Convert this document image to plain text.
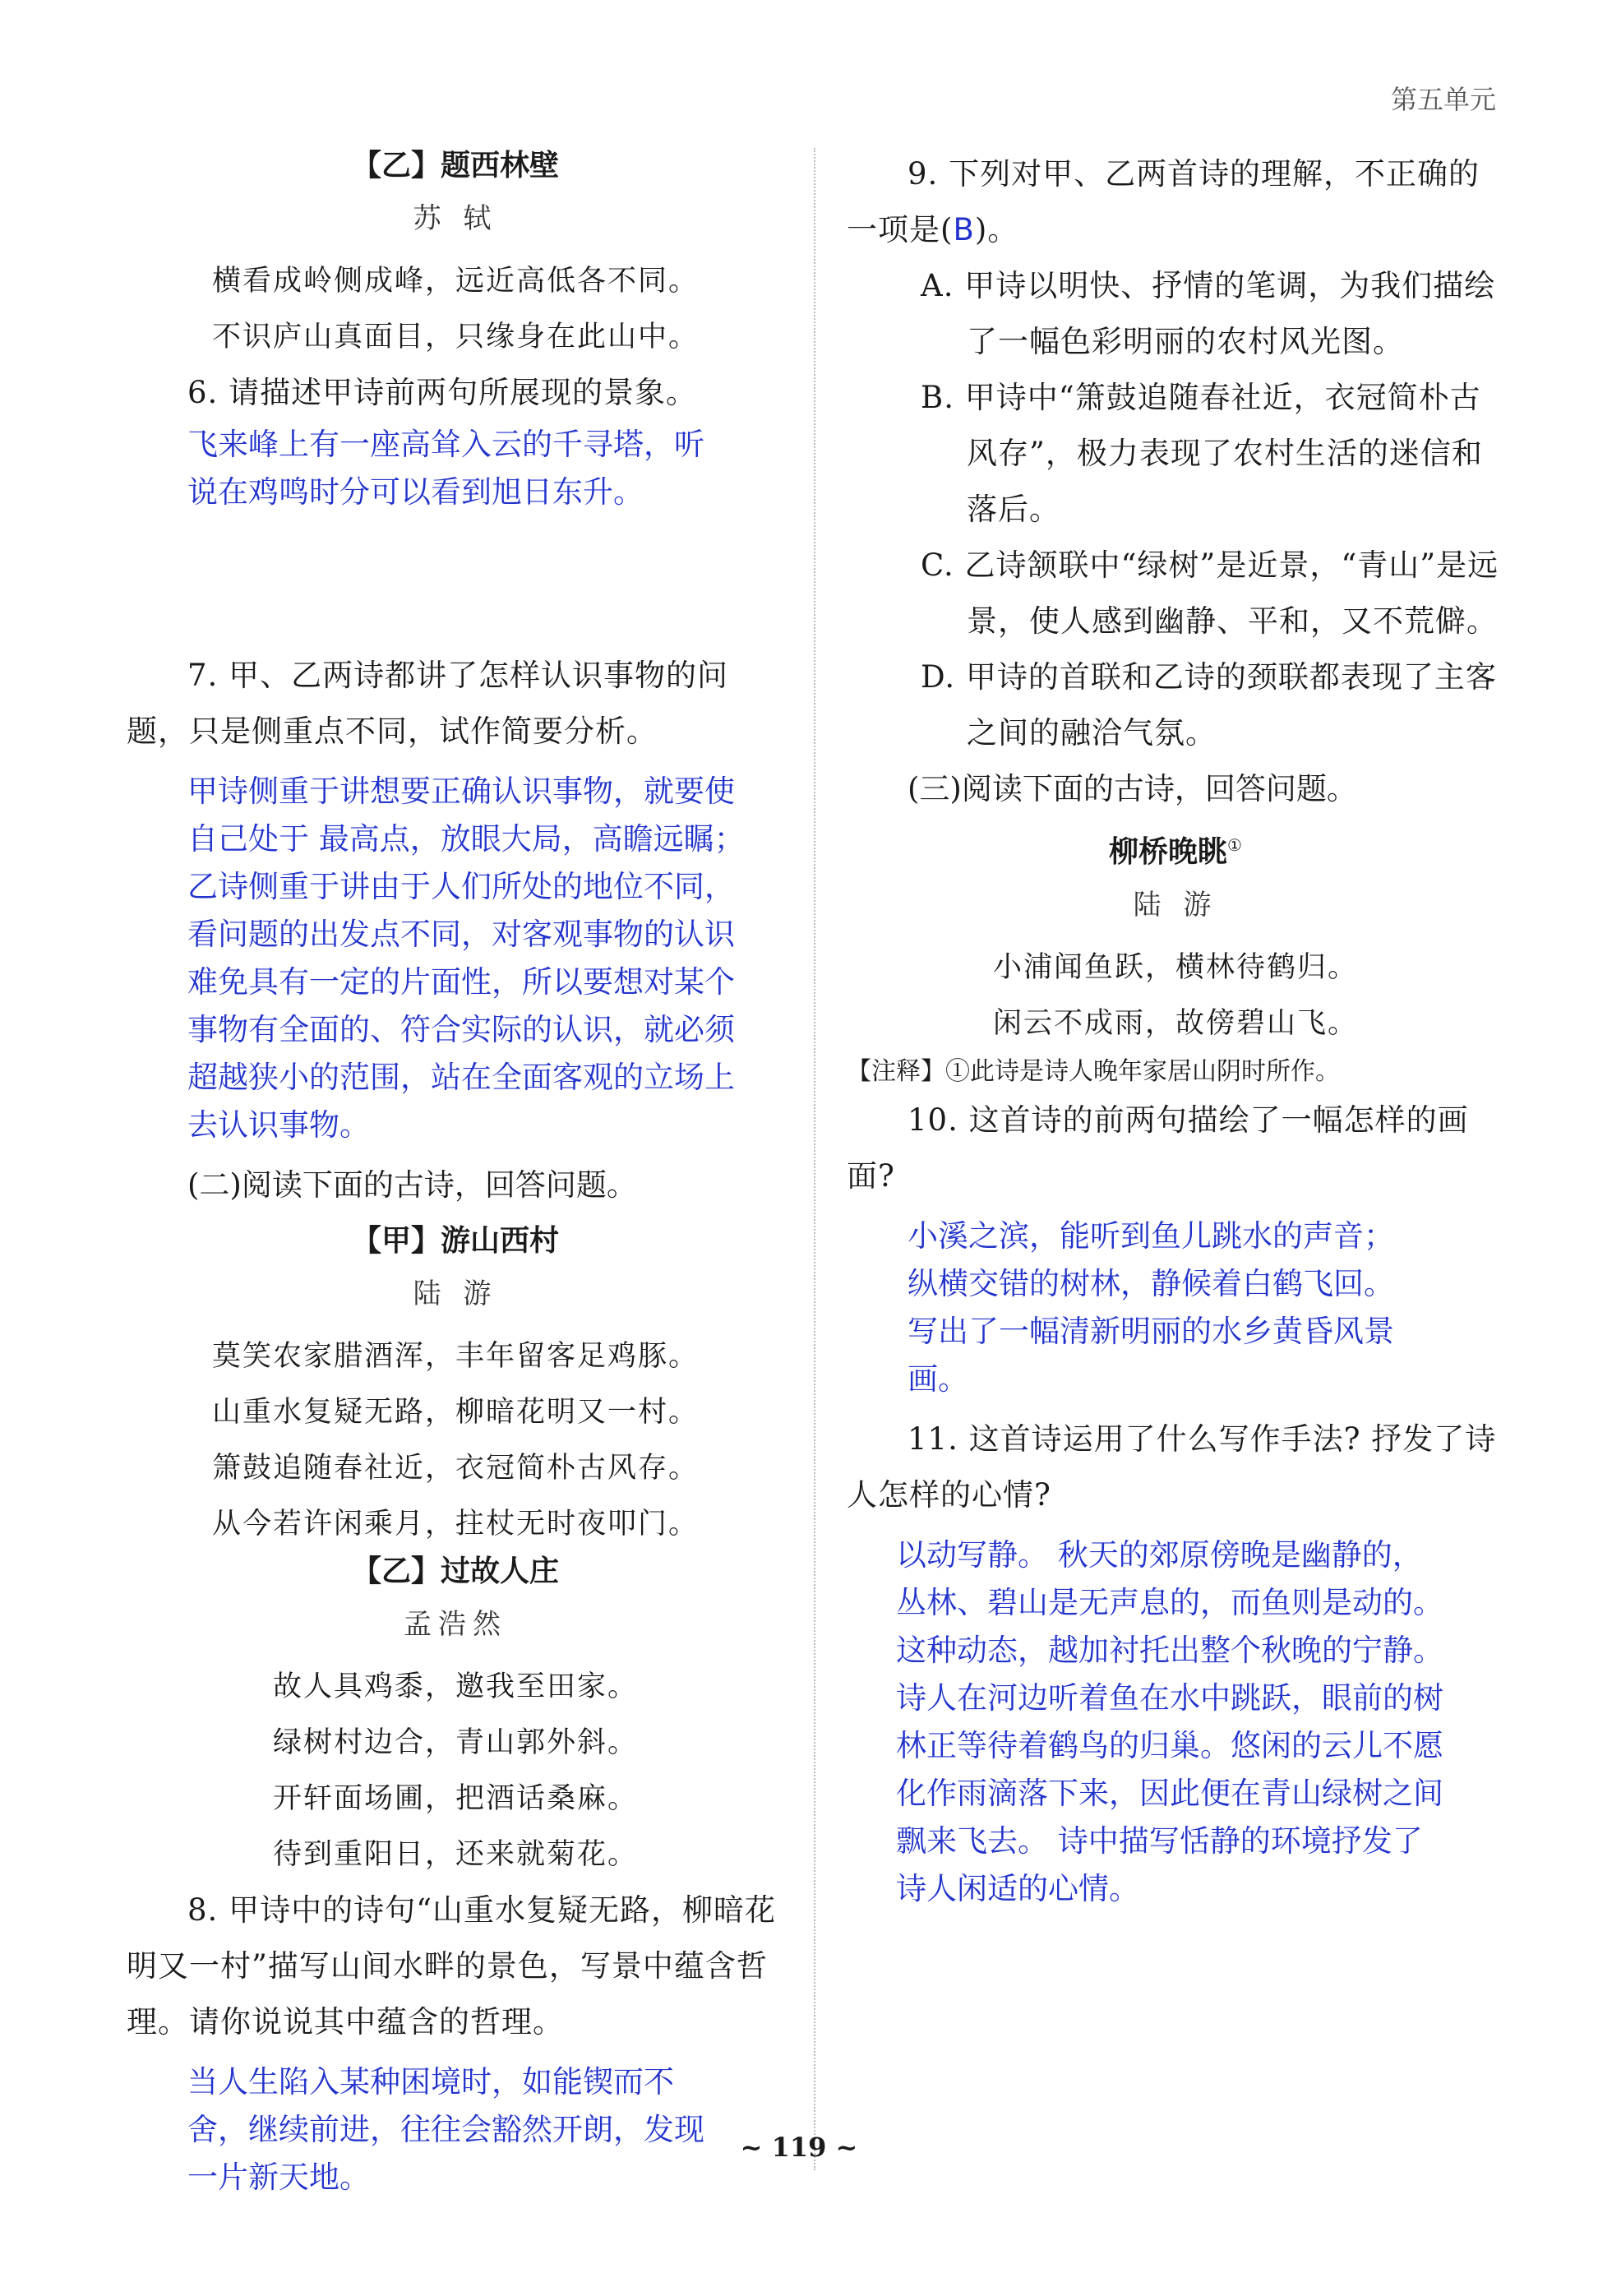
第五单元
【乙】题西林壁
苏 轼

横看成岭侧成峰，远近高低各不同。

不识庐山真面目，只缘身在此山中。

6. 请描述甲诗前两句所展现的景象。

飞来峰上有一座高耸入云的千寻塔，听
说在鸡鸣时分可以看到旭日东升。

7. 甲、乙两诗都讲了怎样认识事物的问题，只是侧重点不同，试作简要分析。

甲诗侧重于讲想要正确认识事物，就要使
自己处于 最高点，放眼大局，高瞻远瞩；
乙诗侧重于讲由于人们所处的地位不同，
看问题的出发点不同，对客观事物的认识
难免具有一定的片面性，所以要想对某个
事物有全面的、符合实际的认识，就必须
超越狭小的范围，站在全面客观的立场上
去认识事物。

(二)阅读下面的古诗，回答问题。

【甲】游山西村
陆 游

莫笑农家腊酒浑，丰年留客足鸡豚。

山重水复疑无路，柳暗花明又一村。

箫鼓追随春社近，衣冠简朴古风存。

从今若许闲乘月，拄杖无时夜叩门。

【乙】过故人庄
孟浩然

故人具鸡黍，邀我至田家。

绿树村边合，青山郭外斜。

开轩面场圃，把酒话桑麻。

待到重阳日，还来就菊花。

8. 甲诗中的诗句“山重水复疑无路，柳暗花明又一村”描写山间水畔的景色，写景中蕴含哲理。请你说说其中蕴含的哲理。

当人生陷入某种困境时，如能锲而不
舍，继续前进，往往会豁然开朗，发现
一片新天地。

9. 下列对甲、乙两首诗的理解，不正确的一项是(B)。

A. 甲诗以明快、抒情的笔调，为我们描绘了一幅色彩明丽的农村风光图。

B. 甲诗中“箫鼓追随春社近，衣冠简朴古风存”，极力表现了农村生活的迷信和落后。

C. 乙诗颔联中“绿树”是近景，“青山”是远景，使人感到幽静、平和，又不荒僻。

D. 甲诗的首联和乙诗的颈联都表现了主客之间的融洽气氛。

(三)阅读下面的古诗，回答问题。

柳桥晚眺①
陆 游

小浦闻鱼跃，横林待鹤归。

闲云不成雨，故傍碧山飞。

【注释】①此诗是诗人晚年家居山阴时所作。

10. 这首诗的前两句描绘了一幅怎样的画面?

小溪之滨，能听到鱼儿跳水的声音；
纵横交错的树林，静候着白鹤飞回。
写出了一幅清新明丽的水乡黄昏风景
画。

11. 这首诗运用了什么写作手法? 抒发了诗人怎样的心情?

以动写静。 秋天的郊原傍晚是幽静的，
丛林、碧山是无声息的，而鱼则是动的。
这种动态，越加衬托出整个秋晚的宁静。
诗人在河边听着鱼在水中跳跃，眼前的树
林正等待着鹤鸟的归巢。悠闲的云儿不愿
化作雨滴落下来，因此便在青山绿树之间
飘来飞去。 诗中描写恬静的环境抒发了
诗人闲适的心情。

~ 119 ~
